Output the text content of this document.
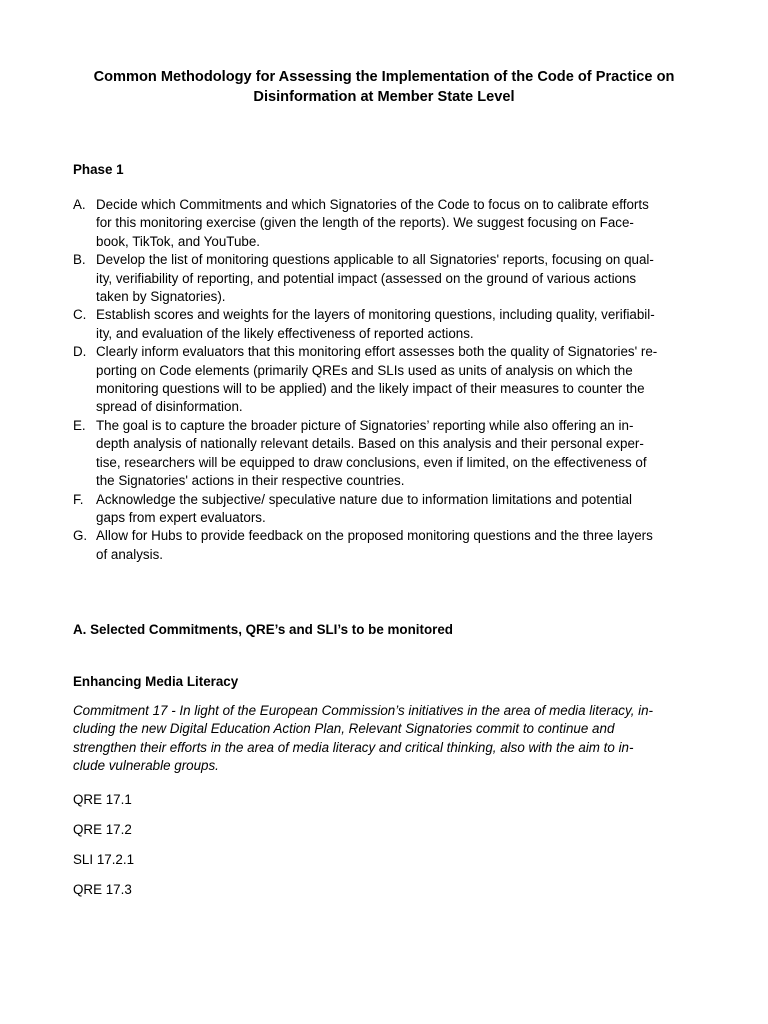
Common Methodology for Assessing the Implementation of the Code of Practice on
Disinformation at Member State Level
Phase 1
A. Decide which Commitments and which Signatories of the Code to focus on to calibrate efforts
for this monitoring exercise (given the length of the reports). We suggest focusing on Face-
book, TikTok, and YouTube.
B. Develop the list of monitoring questions applicable to all Signatories' reports, focusing on qual-
ity, verifiability of reporting, and potential impact (assessed on the ground of various actions
taken by Signatories).
C. Establish scores and weights for the layers of monitoring questions, including quality, verifiabil-
ity, and evaluation of the likely effectiveness of reported actions.
D. Clearly inform evaluators that this monitoring effort assesses both the quality of Signatories' re-
porting on Code elements (primarily QREs and SLIs used as units of analysis on which the
monitoring questions will to be applied) and the likely impact of their measures to counter the
spread of disinformation.
E. The goal is to capture the broader picture of Signatories’ reporting while also offering an in-
depth analysis of nationally relevant details. Based on this analysis and their personal exper-
tise, researchers will be equipped to draw conclusions, even if limited, on the effectiveness of
the Signatories' actions in their respective countries.
F. Acknowledge the subjective/ speculative nature due to information limitations and potential
gaps from expert evaluators.
G. Allow for Hubs to provide feedback on the proposed monitoring questions and the three layers
of analysis.
A. Selected Commitments, QRE’s and SLI’s to be monitored
Enhancing Media Literacy
Commitment 17 - In light of the European Commission’s initiatives in the area of media literacy, in-
cluding the new Digital Education Action Plan, Relevant Signatories commit to continue and
strengthen their efforts in the area of media literacy and critical thinking, also with the aim to in-
clude vulnerable groups.
QRE 17.1
QRE 17.2
SLI 17.2.1
QRE 17.3
